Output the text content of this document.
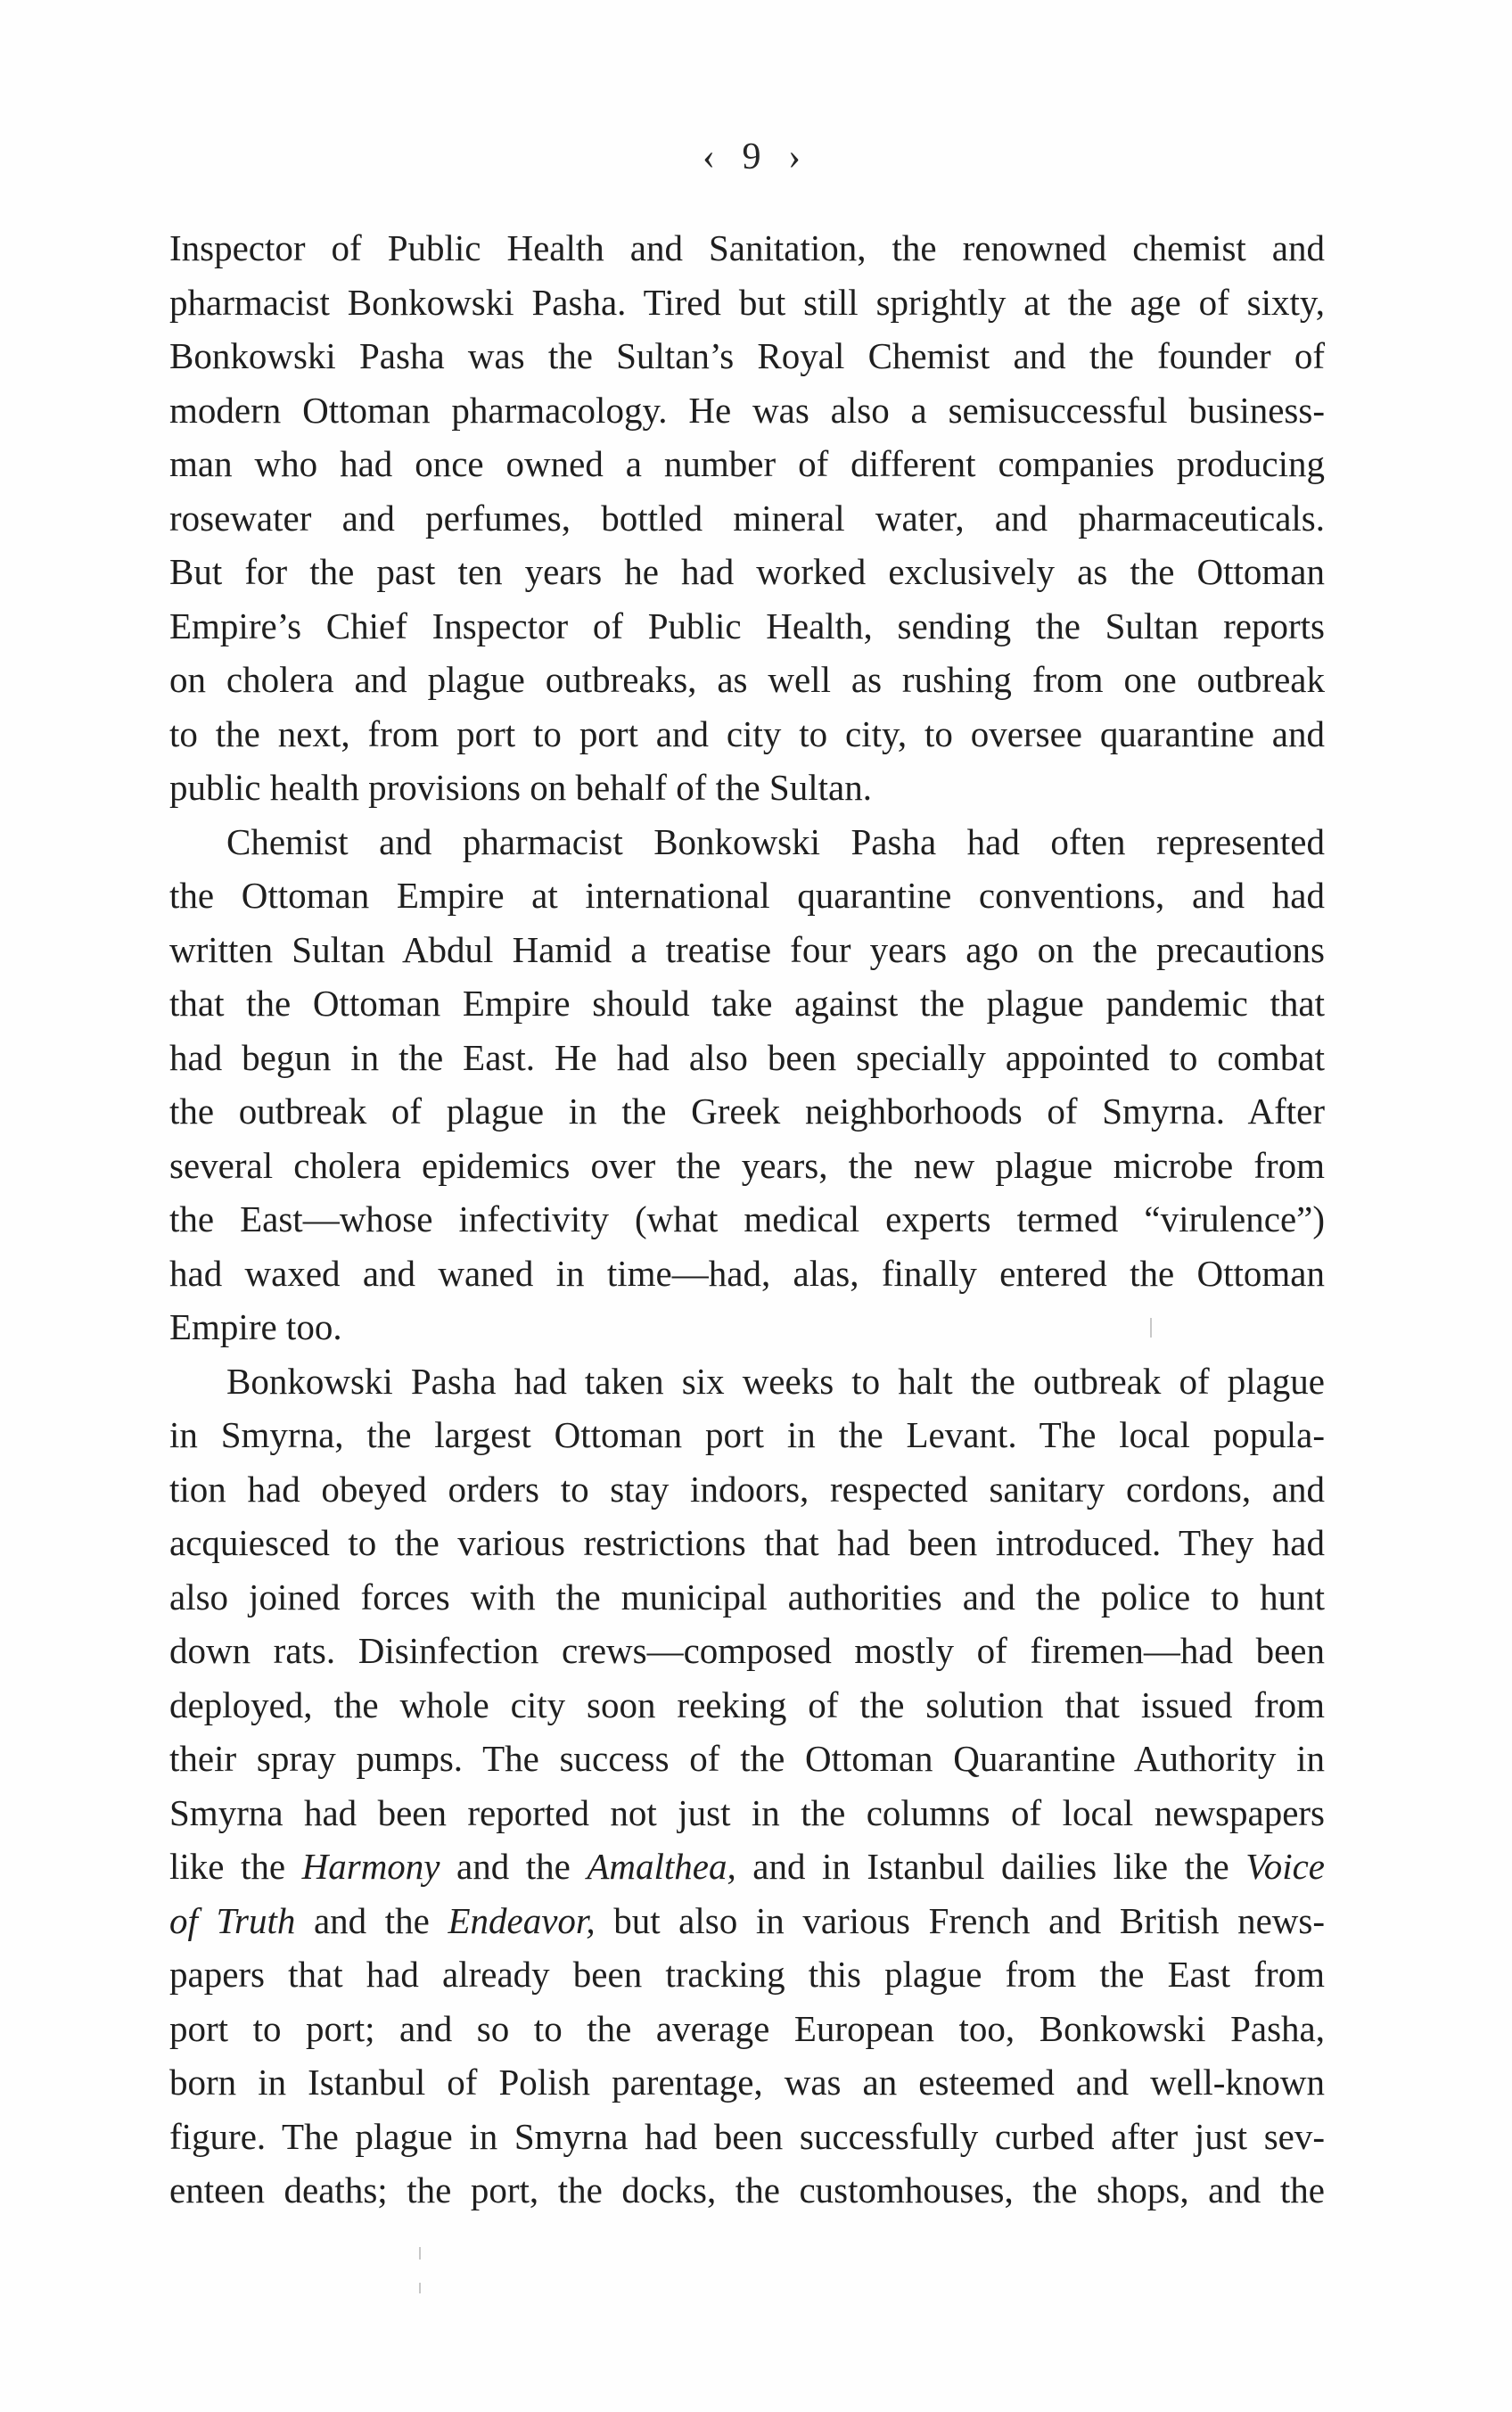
‹ 9 ›
Inspector of Public Health and Sanitation, the renowned chemist and
pharmacist Bonkowski Pasha. Tired but still sprightly at the age of sixty,
Bonkowski Pasha was the Sultan’s Royal Chemist and the founder of
modern Ottoman pharmacology. He was also a semisuccessful business-
man who had once owned a number of different companies producing
rosewater and perfumes, bottled mineral water, and pharmaceuticals.
But for the past ten years he had worked exclusively as the Ottoman
Empire’s Chief Inspector of Public Health, sending the Sultan reports
on cholera and plague outbreaks, as well as rushing from one outbreak
to the next, from port to port and city to city, to oversee quarantine and
public health provisions on behalf of the Sultan.
Chemist and pharmacist Bonkowski Pasha had often represented
the Ottoman Empire at international quarantine conventions, and had
written Sultan Abdul Hamid a treatise four years ago on the precautions
that the Ottoman Empire should take against the plague pandemic that
had begun in the East. He had also been specially appointed to combat
the outbreak of plague in the Greek neighborhoods of Smyrna. After
several cholera epidemics over the years, the new plague microbe from
the East—whose infectivity (what medical experts termed “virulence”)
had waxed and waned in time—had, alas, finally entered the Ottoman
Empire too.
Bonkowski Pasha had taken six weeks to halt the outbreak of plague
in Smyrna, the largest Ottoman port in the Levant. The local popula-
tion had obeyed orders to stay indoors, respected sanitary cordons, and
acquiesced to the various restrictions that had been introduced. They had
also joined forces with the municipal authorities and the police to hunt
down rats. Disinfection crews—composed mostly of firemen—had been
deployed, the whole city soon reeking of the solution that issued from
their spray pumps. The success of the Ottoman Quarantine Authority in
Smyrna had been reported not just in the columns of local newspapers
like the Harmony and the Amalthea, and in Istanbul dailies like the Voice
of Truth and the Endeavor, but also in various French and British news-
papers that had already been tracking this plague from the East from
port to port; and so to the average European too, Bonkowski Pasha,
born in Istanbul of Polish parentage, was an esteemed and well-known
figure. The plague in Smyrna had been successfully curbed after just sev-
enteen deaths; the port, the docks, the customhouses, the shops, and the
